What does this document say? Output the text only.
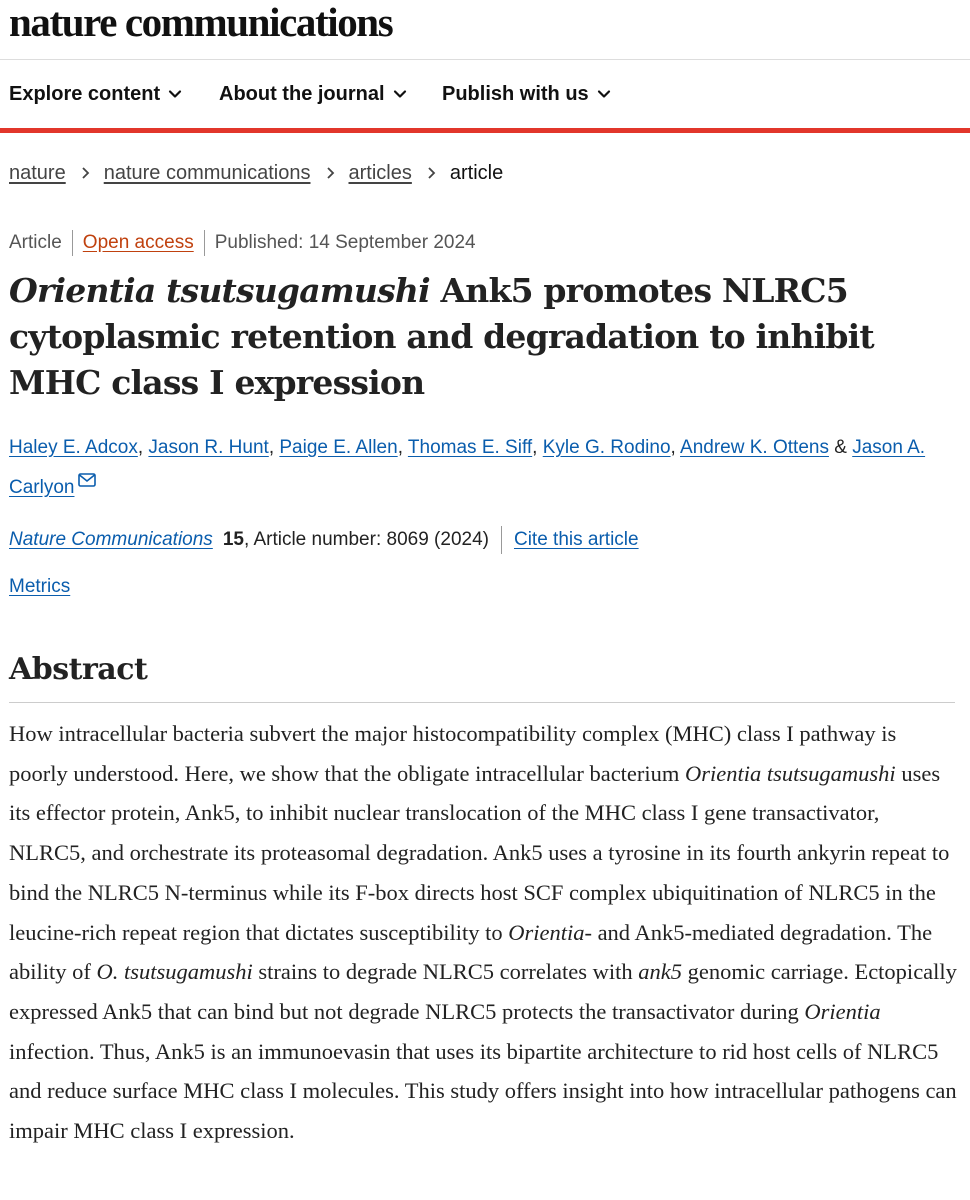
nature communications
Explore content	About the journal	Publish with us
nature nature communications articles article
Article Open access Published: 14 September 2024
Orientia tsutsugamushi Ank5 promotes NLRC5 cytoplasmic retention and degradation to inhibit MHC class I expression
Haley E. Adcox, Jason R. Hunt, Paige E. Allen, Thomas E. Siff, Kyle G. Rodino, Andrew K. Ottens & Jason A. Carlyon
Nature Communications 15 , Article number: 8069 (2024) Cite this article
Metrics
Abstract

How intracellular bacteria subvert the major histocompatibility complex (MHC) class I pathway is poorly understood. Here, we show that the obligate intracellular bacterium Orientia tsutsugamushi uses its effector protein, Ank5, to inhibit nuclear translocation of the MHC class I gene transactivator, NLRC5, and orchestrate its proteasomal degradation. Ank5 uses a tyrosine in its fourth ankyrin repeat to bind the NLRC5 N-terminus while its F-box directs host SCF complex ubiquitination of NLRC5 in the leucine-rich repeat region that dictates susceptibility to Orientia- and Ank5-mediated degradation. The ability of O. tsutsugamushi strains to degrade NLRC5 correlates with ank5 genomic carriage. Ectopically expressed Ank5 that can bind but not degrade NLRC5 protects the transactivator during Orientia infection. Thus, Ank5 is an immunoevasin that uses its bipartite architecture to rid host cells of NLRC5 and reduce surface MHC class I molecules. This study offers insight into how intracellular pathogens can impair MHC class I expression.
